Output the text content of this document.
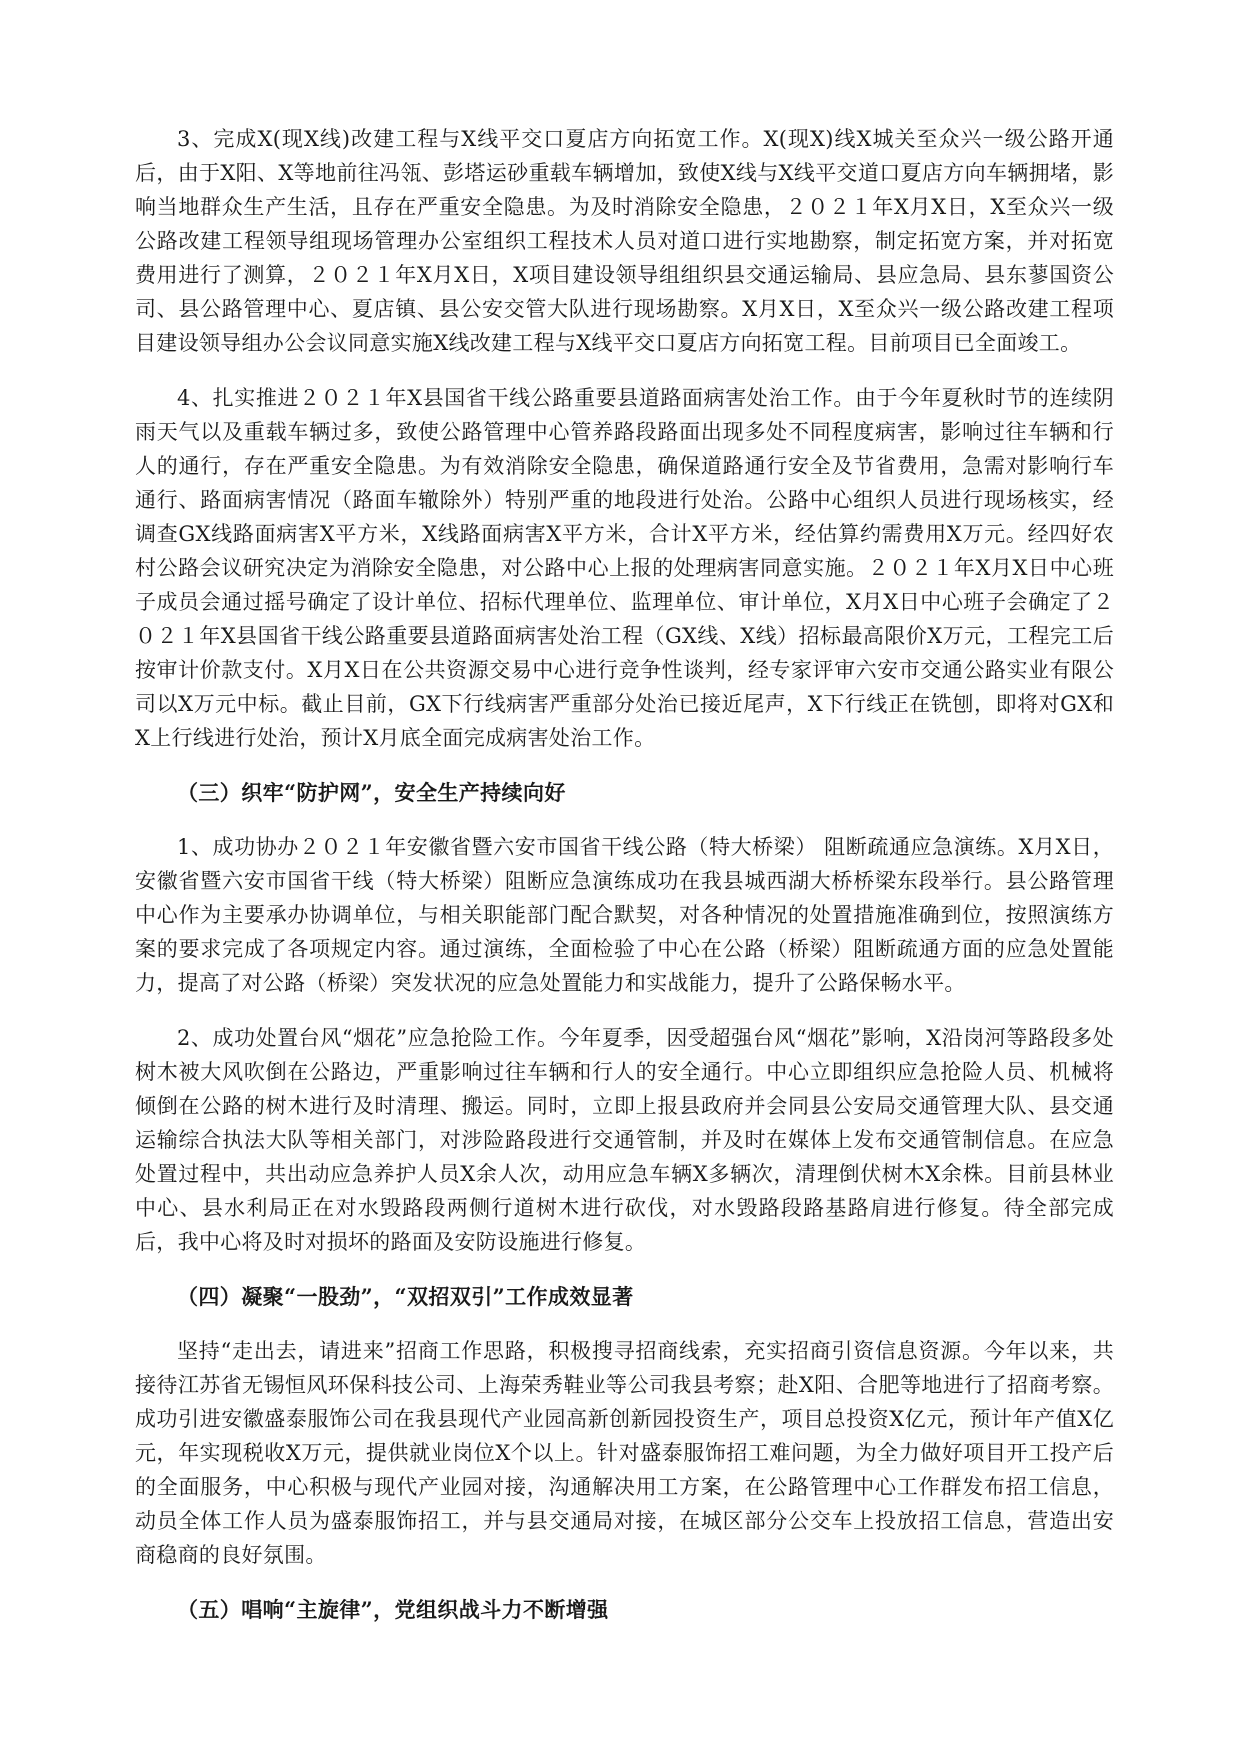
3、完成X(现X线)改建工程与X线平交口夏店方向拓宽工作。X(现X)线X城关至众兴一级公路开通后，由于X阳、X等地前往冯瓴、彭塔运砂重载车辆增加，致使X线与X线平交道口夏店方向车辆拥堵，影响当地群众生产生活，且存在严重安全隐患。为及时消除安全隐患，２０２１年X月X日，X至众兴一级公路改建工程领导组现场管理办公室组织工程技术人员对道口进行实地勘察，制定拓宽方案，并对拓宽费用进行了测算，２０２１年X月X日，X项目建设领导组组织县交通运输局、县应急局、县东蓼国资公司、县公路管理中心、夏店镇、县公安交管大队进行现场勘察。X月X日，X至众兴一级公路改建工程项目建设领导组办公会议同意实施X线改建工程与X线平交口夏店方向拓宽工程。目前项目已全面竣工。

4、扎实推进２０２１年X县国省干线公路重要县道路面病害处治工作。由于今年夏秋时节的连续阴雨天气以及重载车辆过多，致使公路管理中心管养路段路面出现多处不同程度病害，影响过往车辆和行人的通行，存在严重安全隐患。为有效消除安全隐患，确保道路通行安全及节省费用，急需对影响行车通行、路面病害情况（路面车辙除外）特别严重的地段进行处治。公路中心组织人员进行现场核实，经调查GX线路面病害X平方米，X线路面病害X平方米，合计X平方米，经估算约需费用X万元。经四好农村公路会议研究决定为消除安全隐患，对公路中心上报的处理病害同意实施。２０２１年X月X日中心班子成员会通过摇号确定了设计单位、招标代理单位、监理单位、审计单位，X月X日中心班子会确定了２０２１年X县国省干线公路重要县道路面病害处治工程（GX线、X线）招标最高限价X万元，工程完工后按审计价款支付。X月X日在公共资源交易中心进行竞争性谈判，经专家评审六安市交通公路实业有限公司以X万元中标。截止目前，GX下行线病害严重部分处治已接近尾声，X下行线正在铣刨，即将对GX和X上行线进行处治，预计X月底全面完成病害处治工作。

（三）织牢“防护网”，安全生产持续向好

1、成功协办２０２１年安徽省暨六安市国省干线公路（特大桥梁） 阻断疏通应急演练。X月X日，安徽省暨六安市国省干线（特大桥梁）阻断应急演练成功在我县城西湖大桥桥梁东段举行。县公路管理中心作为主要承办协调单位，与相关职能部门配合默契，对各种情况的处置措施准确到位，按照演练方案的要求完成了各项规定内容。通过演练，全面检验了中心在公路（桥梁）阻断疏通方面的应急处置能力，提高了对公路（桥梁）突发状况的应急处置能力和实战能力，提升了公路保畅水平。

2、成功处置台风“烟花”应急抢险工作。今年夏季，因受超强台风“烟花”影响，X沿岗河等路段多处树木被大风吹倒在公路边，严重影响过往车辆和行人的安全通行。中心立即组织应急抢险人员、机械将倾倒在公路的树木进行及时清理、搬运。同时，立即上报县政府并会同县公安局交通管理大队、县交通运输综合执法大队等相关部门，对涉险路段进行交通管制，并及时在媒体上发布交通管制信息。在应急处置过程中，共出动应急养护人员X余人次，动用应急车辆X多辆次，清理倒伏树木X余株。目前县林业中心、县水利局正在对水毁路段两侧行道树木进行砍伐，对水毁路段路基路肩进行修复。待全部完成后，我中心将及时对损坏的路面及安防设施进行修复。

（四）凝聚“一股劲”，“双招双引”工作成效显著

坚持“走出去，请进来”招商工作思路，积极搜寻招商线索，充实招商引资信息资源。今年以来，共接待江苏省无锡恒风环保科技公司、上海荣秀鞋业等公司我县考察；赴X阳、合肥等地进行了招商考察。成功引进安徽盛泰服饰公司在我县现代产业园高新创新园投资生产，项目总投资X亿元，预计年产值X亿元，年实现税收X万元，提供就业岗位X个以上。针对盛泰服饰招工难问题，为全力做好项目开工投产后的全面服务，中心积极与现代产业园对接，沟通解决用工方案，在公路管理中心工作群发布招工信息，动员全体工作人员为盛泰服饰招工，并与县交通局对接，在城区部分公交车上投放招工信息，营造出安商稳商的良好氛围。

（五）唱响“主旋律”，党组织战斗力不断增强
